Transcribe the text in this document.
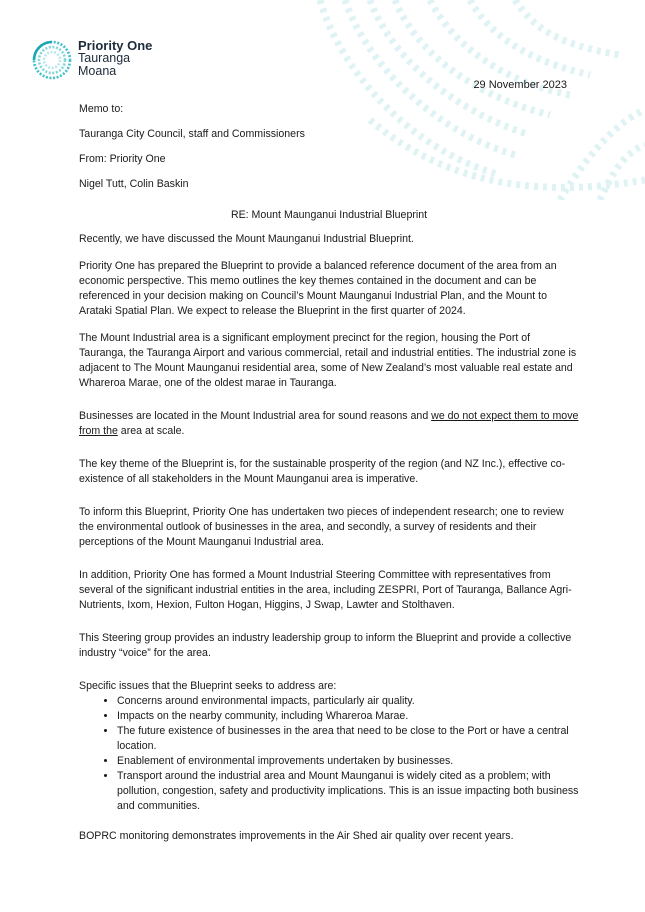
Priority One
Tauranga
Moana
29 November 2023

Memo to:

Tauranga City Council, staff and Commissioners

From: Priority One

Nigel Tutt, Colin Baskin

RE: Mount Maunganui Industrial Blueprint

Recently, we have discussed the Mount Maunganui Industrial Blueprint.

Priority One has prepared the Blueprint to provide a balanced reference document of the area from an economic perspective. This memo outlines the key themes contained in the document and can be referenced in your decision making on Council’s Mount Maunganui Industrial Plan, and the Mount to Arataki Spatial Plan. We expect to release the Blueprint in the first quarter of 2024.

The Mount Industrial area is a significant employment precinct for the region, housing the Port of Tauranga, the Tauranga Airport and various commercial, retail and industrial entities. The industrial zone is adjacent to The Mount Maunganui residential area, some of New Zealand’s most valuable real estate and Whareroa Marae, one of the oldest marae in Tauranga.

Businesses are located in the Mount Industrial area for sound reasons and we do not expect them to move from the area at scale.

The key theme of the Blueprint is, for the sustainable prosperity of the region (and NZ Inc.), effective co-existence of all stakeholders in the Mount Maunganui area is imperative.

To inform this Blueprint, Priority One has undertaken two pieces of independent research; one to review the environmental outlook of businesses in the area, and secondly, a survey of residents and their perceptions of the Mount Maunganui Industrial area.

In addition, Priority One has formed a Mount Industrial Steering Committee with representatives from several of the significant industrial entities in the area, including ZESPRI, Port of Tauranga, Ballance Agri-Nutrients, Ixom, Hexion, Fulton Hogan, Higgins, J Swap, Lawter and Stolthaven.

This Steering group provides an industry leadership group to inform the Blueprint and provide a collective industry “voice” for the area.

Specific issues that the Blueprint seeks to address are:

• Concerns around environmental impacts, particularly air quality.
• Impacts on the nearby community, including Whareroa Marae.
• The future existence of businesses in the area that need to be close to the Port or have a central location.
• Enablement of environmental improvements undertaken by businesses.
• Transport around the industrial area and Mount Maunganui is widely cited as a problem; with pollution, congestion, safety and productivity implications. This is an issue impacting both business and communities.

BOPRC monitoring demonstrates improvements in the Air Shed air quality over recent years.
